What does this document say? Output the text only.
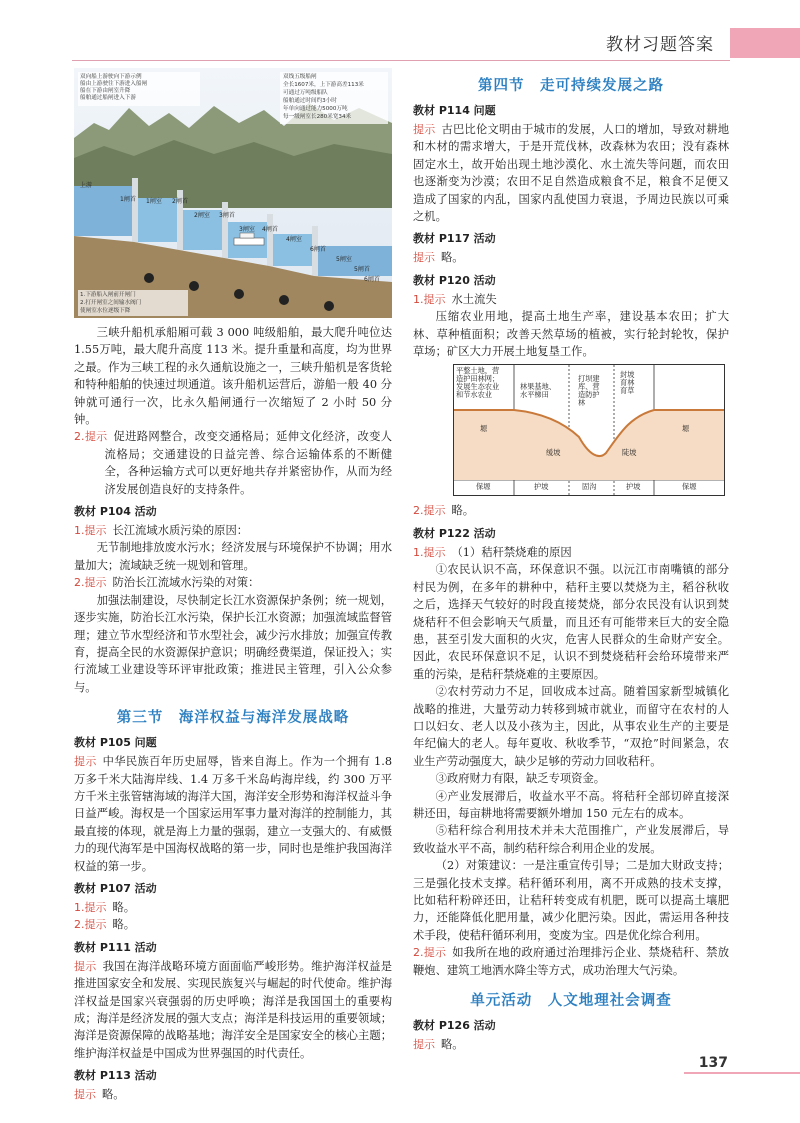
教材习题答案
双向船上游驶向下游示例
船由上游驶往下游进入船闸
船在下游由闸室升降
船舶通过船闸进入下游
双线五级船闸
全长1607米，上下游高差113米
可通过万吨级船队
船舶通过时间约3小时
年单向通过能力5000万吨
每一级闸室长280米宽34米
上游
1闸首 1闸室 2闸首
2闸室 3闸首
3闸室 4闸首
4闸室
5闸室
6闸首
5闸首
6闸首
1.下游船入闸前开闸门
2.打开闸室之间输水阀门
使闸室水位逐级下降

三峡升船机承船厢可载 3 000 吨级船舶，最大爬升吨位达 1.55万吨，最大爬升高度 113 米。提升重量和高度，均为世界之最。作为三峡工程的永久通航设施之一，三峡升船机是客货轮和特种船舶的快速过坝通道。该升船机运营后，游船一般 40 分钟就可通行一次，比永久船闸通行一次缩短了 2 小时 50 分钟。

2.提示 促进路网整合，改变交通格局；延伸文化经济，改变人流格局；交通建设的日益完善、综合运输体系的不断健全，各种运输方式可以更好地共存并紧密协作，从而为经济发展创造良好的支持条件。

教材 P104 活动

1.提示 长江流域水质污染的原因：

无节制地排放废水污水；经济发展与环境保护不协调；用水量加大；流域缺乏统一规划和管理。

2.提示 防治长江流域水污染的对策：

加强法制建设，尽快制定长江水资源保护条例；统一规划，逐步实施，防治长江水污染，保护长江水资源；加强流域监督管理；建立节水型经济和节水型社会，减少污水排放；加强宣传教育，提高全民的水资源保护意识；明确经费渠道，保证投入；实行流域工业建设等环评审批政策；推进民主管理，引入公众参与。

第三节　海洋权益与海洋发展战略
教材 P105 问题

提示 中华民族百年历史屈辱，皆来自海上。作为一个拥有 1.8 万多千米大陆海岸线、1.4 万多千米岛屿海岸线，约 300 万平方千米主张管辖海域的海洋大国，海洋安全形势和海洋权益斗争日益严峻。海权是一个国家运用军事力量对海洋的控制能力，其最直接的体现，就是海上力量的强弱，建立一支强大的、有威慑力的现代海军是中国海权战略的第一步，同时也是维护我国海洋权益的第一步。

教材 P107 活动

1.提示 略。

2.提示 略。

教材 P111 活动

提示 我国在海洋战略环境方面面临严峻形势。维护海洋权益是推进国家安全和发展、实现民族复兴与崛起的时代使命。维护海洋权益是国家兴衰强弱的历史呼唤；海洋是我国国土的重要构成；海洋是经济发展的强大支点；海洋是科技运用的重要领域；海洋是资源保障的战略基地；海洋安全是国家安全的核心主题；维护海洋权益是中国成为世界强国的时代责任。

教材 P113 活动

提示 略。

第四节　走可持续发展之路
教材 P114 问题

提示 古巴比伦文明由于城市的发展，人口的增加，导致对耕地和木材的需求增大，于是开荒伐林，改森林为农田；没有森林固定水土，故开始出现土地沙漠化、水土流失等问题，而农田也逐渐变为沙漠；农田不足自然造成粮食不足，粮食不足便又造成了国家的内乱，国家内乱使国力衰退，予周边民族以可乘之机。

教材 P117 活动

提示 略。

教材 P120 活动

1.提示 水土流失

压缩农业用地，提高土地生产率，建设基本农田；扩大林、草种植面积；改善天然草场的植被，实行轮封轮牧，保护草场；矿区大力开展土地复垦工作。

平整土地，营
造护田林网；
发展生态农业
和节水农业
林果基地、
水平梯田
打坝建
库、营
造防护
林
封坡
育林
育草
塬	塬
缓坡	陡坡
保塬	护坡	固沟	护坡	保塬

2.提示 略。

教材 P122 活动

1.提示 （1）秸秆禁烧难的原因

①农民认识不高，环保意识不强。以沅江市南嘴镇的部分村民为例，在多年的耕种中，秸秆主要以焚烧为主，稻谷秋收之后，选择天气较好的时段直接焚烧，部分农民没有认识到焚烧秸秆不但会影响天气质量，而且还有可能带来巨大的安全隐患，甚至引发大面积的火灾，危害人民群众的生命财产安全。因此，农民环保意识不足，认识不到焚烧秸秆会给环境带来严重的污染，是秸秆禁烧难的主要原因。

②农村劳动力不足，回收成本过高。随着国家新型城镇化战略的推进，大量劳动力转移到城市就业，而留守在农村的人口以妇女、老人以及小孩为主，因此，从事农业生产的主要是年纪偏大的老人。每年夏收、秋收季节，“双抢”时间紧急，农业生产劳动强度大，缺少足够的劳动力回收秸秆。

③政府财力有限，缺乏专项资金。

④产业发展滞后，收益水平不高。将秸秆全部切碎直接深耕还田，每亩耕地将需要额外增加 150 元左右的成本。

⑤秸秆综合利用技术并未大范围推广，产业发展滞后，导致收益水平不高，制约秸秆综合利用企业的发展。

（2）对策建议：一是注重宣传引导；二是加大财政支持；三是强化技术支撑。秸秆循环利用，离不开成熟的技术支撑，比如秸秆粉碎还田，让秸秆转变成有机肥，既可以提高土壤肥力，还能降低化肥用量，减少化肥污染。因此，需运用各种技术手段，使秸秆循环利用，变废为宝。四是优化综合利用。

2.提示 如我所在地的政府通过治理排污企业、禁烧秸秆、禁放鞭炮、建筑工地洒水降尘等方式，成功治理大气污染。

单元活动　人文地理社会调查
教材 P126 活动

提示 略。

137
